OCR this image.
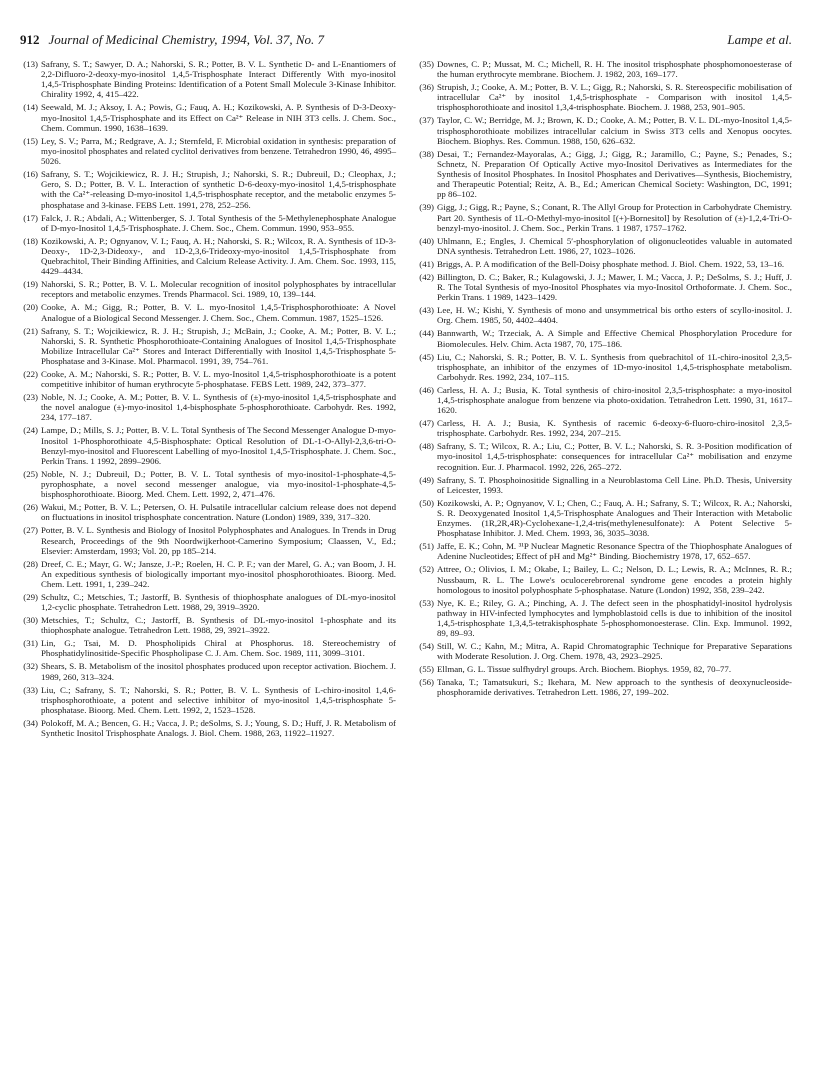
912 Journal of Medicinal Chemistry, 1994, Vol. 37, No. 7	Lampe et al.
(13) Safrany, S. T.; Sawyer, D. A.; Nahorski, S. R.; Potter, B. V. L. Synthetic D- and L-Enantiomers of 2,2-Difluoro-2-deoxy-myo-inositol 1,4,5-Trisphosphate Interact Differently With myo-inositol 1,4,5-Trisphosphate Binding Proteins: Identification of a Potent Small Molecule 3-Kinase Inhibitor. Chirality 1992, 4, 415–422.
(14) Seewald, M. J.; Aksoy, I. A.; Powis, G.; Fauq, A. H.; Kozikowski, A. P. Synthesis of D-3-Deoxy-myo-Inositol 1,4,5-Trisphosphate and its Effect on Ca²⁺ Release in NIH 3T3 cells. J. Chem. Soc., Chem. Commun. 1990, 1638–1639.
(15) Ley, S. V.; Parra, M.; Redgrave, A. J.; Sternfeld, F. Microbial oxidation in synthesis: preparation of myo-inositol phosphates and related cyclitol derivatives from benzene. Tetrahedron 1990, 46, 4995–5026.
(16) Safrany, S. T.; Wojcikiewicz, R. J. H.; Strupish, J.; Nahorski, S. R.; Dubreuil, D.; Cleophax, J.; Gero, S. D.; Potter, B. V. L. Interaction of synthetic D-6-deoxy-myo-inositol 1,4,5-trisphosphate with the Ca²⁺-releasing D-myo-inositol 1,4,5-trisphosphate receptor, and the metabolic enzymes 5-phosphatase and 3-kinase. FEBS Lett. 1991, 278, 252–256.
(17) Falck, J. R.; Abdali, A.; Wittenberger, S. J. Total Synthesis of the 5-Methylenephosphate Analogue of D-myo-Inositol 1,4,5-Trisphosphate. J. Chem. Soc., Chem. Commun. 1990, 953–955.
(18) Kozikowski, A. P.; Ognyanov, V. I.; Fauq, A. H.; Nahorski, S. R.; Wilcox, R. A. Synthesis of 1D-3-Deoxy-, 1D-2,3-Dideoxy-, and 1D-2,3,6-Trideoxy-myo-inositol 1,4,5-Trisphosphate from Quebrachitol, Their Binding Affinities, and Calcium Release Activity. J. Am. Chem. Soc. 1993, 115, 4429–4434.
(19) Nahorski, S. R.; Potter, B. V. L. Molecular recognition of inositol polyphosphates by intracellular receptors and metabolic enzymes. Trends Pharmacol. Sci. 1989, 10, 139–144.
(20) Cooke, A. M.; Gigg, R.; Potter, B. V. L. myo-Inositol 1,4,5-Trisphosphorothioate: A Novel Analogue of a Biological Second Messenger. J. Chem. Soc., Chem. Commun. 1987, 1525–1526.
(21) Safrany, S. T.; Wojcikiewicz, R. J. H.; Strupish, J.; McBain, J.; Cooke, A. M.; Potter, B. V. L.; Nahorski, S. R. Synthetic Phosphorothioate-Containing Analogues of Inositol 1,4,5-Trisphosphate Mobilize Intracellular Ca²⁺ Stores and Interact Differentially with Inositol 1,4,5-Trisphosphate 5-Phosphatase and 3-Kinase. Mol. Pharmacol. 1991, 39, 754–761.
(22) Cooke, A. M.; Nahorski, S. R.; Potter, B. V. L. myo-Inositol 1,4,5-trisphosphorothioate is a potent competitive inhibitor of human erythrocyte 5-phosphatase. FEBS Lett. 1989, 242, 373–377.
(23) Noble, N. J.; Cooke, A. M.; Potter, B. V. L. Synthesis of (±)-myo-inositol 1,4,5-trisphosphate and the novel analogue (±)-myo-inositol 1,4-bisphosphate 5-phosphorothioate. Carbohydr. Res. 1992, 234, 177–187.
(24) Lampe, D.; Mills, S. J.; Potter, B. V. L. Total Synthesis of The Second Messenger Analogue D-myo-Inositol 1-Phosphorothioate 4,5-Bisphosphate: Optical Resolution of DL-1-O-Allyl-2,3,6-tri-O-Benzyl-myo-inositol and Fluorescent Labelling of myo-Inositol 1,4,5-Trisphosphate. J. Chem. Soc., Perkin Trans. 1 1992, 2899–2906.
(25) Noble, N. J.; Dubreuil, D.; Potter, B. V. L. Total synthesis of myo-inositol-1-phosphate-4,5-pyrophosphate, a novel second messenger analogue, via myo-inositol-1-phosphate-4,5-bisphosphorothioate. Bioorg. Med. Chem. Lett. 1992, 2, 471–476.
(26) Wakui, M.; Potter, B. V. L.; Petersen, O. H. Pulsatile intracellular calcium release does not depend on fluctuations in inositol trisphosphate concentration. Nature (London) 1989, 339, 317–320.
(27) Potter, B. V. L. Synthesis and Biology of Inositol Polyphosphates and Analogues. In Trends in Drug Research, Proceedings of the 9th Noordwijkerhoot-Camerino Symposium; Claassen, V., Ed.; Elsevier: Amsterdam, 1993; Vol. 20, pp 185–214.
(28) Dreef, C. E.; Mayr, G. W.; Jansze, J.-P.; Roelen, H. C. P. F.; van der Marel, G. A.; van Boom, J. H. An expeditious synthesis of biologically important myo-inositol phosphorothioates. Bioorg. Med. Chem. Lett. 1991, 1, 239–242.
(29) Schultz, C.; Metschies, T.; Jastorff, B. Synthesis of thiophosphate analogues of DL-myo-inositol 1,2-cyclic phosphate. Tetrahedron Lett. 1988, 29, 3919–3920.
(30) Metschies, T.; Schultz, C.; Jastorff, B. Synthesis of DL-myo-inositol 1-phosphate and its thiophosphate analogue. Tetrahedron Lett. 1988, 29, 3921–3922.
(31) Lin, G.; Tsai, M. D. Phospholipids Chiral at Phosphorus. 18. Stereochemistry of Phosphatidylinositide-Specific Phospholipase C. J. Am. Chem. Soc. 1989, 111, 3099–3101.
(32) Shears, S. B. Metabolism of the inositol phosphates produced upon receptor activation. Biochem. J. 1989, 260, 313–324.
(33) Liu, C.; Safrany, S. T.; Nahorski, S. R.; Potter, B. V. L. Synthesis of L-chiro-inositol 1,4,6-trisphosphorothioate, a potent and selective inhibitor of myo-inositol 1,4,5-trisphosphate 5-phosphatase. Bioorg. Med. Chem. Lett. 1992, 2, 1523–1528.
(34) Polokoff, M. A.; Bencen, G. H.; Vacca, J. P.; deSolms, S. J.; Young, S. D.; Huff, J. R. Metabolism of Synthetic Inositol Trisphosphate Analogs. J. Biol. Chem. 1988, 263, 11922–11927.
(35) Downes, C. P.; Mussat, M. C.; Michell, R. H. The inositol trisphosphate phosphomonoesterase of the human erythrocyte membrane. Biochem. J. 1982, 203, 169–177.
(36) Strupish, J.; Cooke, A. M.; Potter, B. V. L.; Gigg, R.; Nahorski, S. R. Stereospecific mobilisation of intracellular Ca²⁺ by inositol 1,4,5-trisphosphate - Comparison with inositol 1,4,5-trisphosphorothioate and inositol 1,3,4-trisphosphate. Biochem. J. 1988, 253, 901–905.
(37) Taylor, C. W.; Berridge, M. J.; Brown, K. D.; Cooke, A. M.; Potter, B. V. L. DL-myo-Inositol 1,4,5-trisphosphorothioate mobilizes intracellular calcium in Swiss 3T3 cells and Xenopus oocytes. Biochem. Biophys. Res. Commun. 1988, 150, 626–632.
(38) Desai, T.; Fernandez-Mayoralas, A.; Gigg, J.; Gigg, R.; Jaramillo, C.; Payne, S.; Penades, S.; Schnetz, N. Preparation Of Optically Active myo-Inositol Derivatives as Intermediates for the Synthesis of Inositol Phosphates. In Inositol Phosphates and Derivatives—Synthesis, Biochemistry, and Therapeutic Potential; Reitz, A. B., Ed.; American Chemical Society: Washington, DC, 1991; pp 86–102.
(39) Gigg, J.; Gigg, R.; Payne, S.; Conant, R. The Allyl Group for Protection in Carbohydrate Chemistry. Part 20. Synthesis of 1L-O-Methyl-myo-inositol [(+)-Bornesitol] by Resolution of (±)-1,2,4-Tri-O-benzyl-myo-inositol. J. Chem. Soc., Perkin Trans. 1 1987, 1757–1762.
(40) Uhlmann, E.; Engles, J. Chemical 5′-phosphorylation of oligonucleotides valuable in automated DNA synthesis. Tetrahedron Lett. 1986, 27, 1023–1026.
(41) Briggs, A. P. A modification of the Bell-Doisy phosphate method. J. Biol. Chem. 1922, 53, 13–16.
(42) Billington, D. C.; Baker, R.; Kulagowski, J. J.; Mawer, I. M.; Vacca, J. P.; DeSolms, S. J.; Huff, J. R. The Total Synthesis of myo-Inositol Phosphates via myo-Inositol Orthoformate. J. Chem. Soc., Perkin Trans. 1 1989, 1423–1429.
(43) Lee, H. W.; Kishi, Y. Synthesis of mono and unsymmetrical bis ortho esters of scyllo-inositol. J. Org. Chem. 1985, 50, 4402–4404.
(44) Bannwarth, W.; Trzeciak, A. A Simple and Effective Chemical Phosphorylation Procedure for Biomolecules. Helv. Chim. Acta 1987, 70, 175–186.
(45) Liu, C.; Nahorski, S. R.; Potter, B. V. L. Synthesis from quebrachitol of 1L-chiro-inositol 2,3,5-trisphosphate, an inhibitor of the enzymes of 1D-myo-inositol 1,4,5-trisphosphate metabolism. Carbohydr. Res. 1992, 234, 107–115.
(46) Carless, H. A. J.; Busia, K. Total synthesis of chiro-inositol 2,3,5-trisphosphate: a myo-inositol 1,4,5-trisphosphate analogue from benzene via photo-oxidation. Tetrahedron Lett. 1990, 31, 1617–1620.
(47) Carless, H. A. J.; Busia, K. Synthesis of racemic 6-deoxy-6-fluoro-chiro-inositol 2,3,5-trisphosphate. Carbohydr. Res. 1992, 234, 207–215.
(48) Safrany, S. T.; Wilcox, R. A.; Liu, C.; Potter, B. V. L.; Nahorski, S. R. 3-Position modification of myo-inositol 1,4,5-trisphosphate: consequences for intracellular Ca²⁺ mobilisation and enzyme recognition. Eur. J. Pharmacol. 1992, 226, 265–272.
(49) Safrany, S. T. Phosphoinositide Signalling in a Neuroblastoma Cell Line. Ph.D. Thesis, University of Leicester, 1993.
(50) Kozikowski, A. P.; Ognyanov, V. I.; Chen, C.; Fauq, A. H.; Safrany, S. T.; Wilcox, R. A.; Nahorski, S. R. Deoxygenated Inositol 1,4,5-Trisphosphate Analogues and Their Interaction with Metabolic Enzymes. (1R,2R,4R)-Cyclohexane-1,2,4-tris(methylenesulfonate): A Potent Selective 5-Phosphatase Inhibitor. J. Med. Chem. 1993, 36, 3035–3038.
(51) Jaffe, E. K.; Cohn, M. ³¹P Nuclear Magnetic Resonance Spectra of the Thiophosphate Analogues of Adenine Nucleotides; Effect of pH and Mg²⁺ Binding. Biochemistry 1978, 17, 652–657.
(52) Attree, O.; Olivios, I. M.; Okabe, I.; Bailey, L. C.; Nelson, D. L.; Lewis, R. A.; McInnes, R. R.; Nussbaum, R. L. The Lowe's oculocerebrorenal syndrome gene encodes a protein highly homologous to inositol polyphosphate 5-phosphatase. Nature (London) 1992, 358, 239–242.
(53) Nye, K. E.; Riley, G. A.; Pinching, A. J. The defect seen in the phosphatidyl-inositol hydrolysis pathway in HIV-infected lymphocytes and lymphoblastoid cells is due to inhibition of the inositol 1,4,5-trisphosphate 1,3,4,5-tetrakisphosphate 5-phosphomonoesterase. Clin. Exp. Immunol. 1992, 89, 89–93.
(54) Still, W. C.; Kahn, M.; Mitra, A. Rapid Chromatographic Technique for Preparative Separations with Moderate Resolution. J. Org. Chem. 1978, 43, 2923–2925.
(55) Ellman, G. L. Tissue sulfhydryl groups. Arch. Biochem. Biophys. 1959, 82, 70–77.
(56) Tanaka, T.; Tamatsukuri, S.; Ikehara, M. New approach to the synthesis of deoxynucleoside-phosphoramide derivatives. Tetrahedron Lett. 1986, 27, 199–202.
